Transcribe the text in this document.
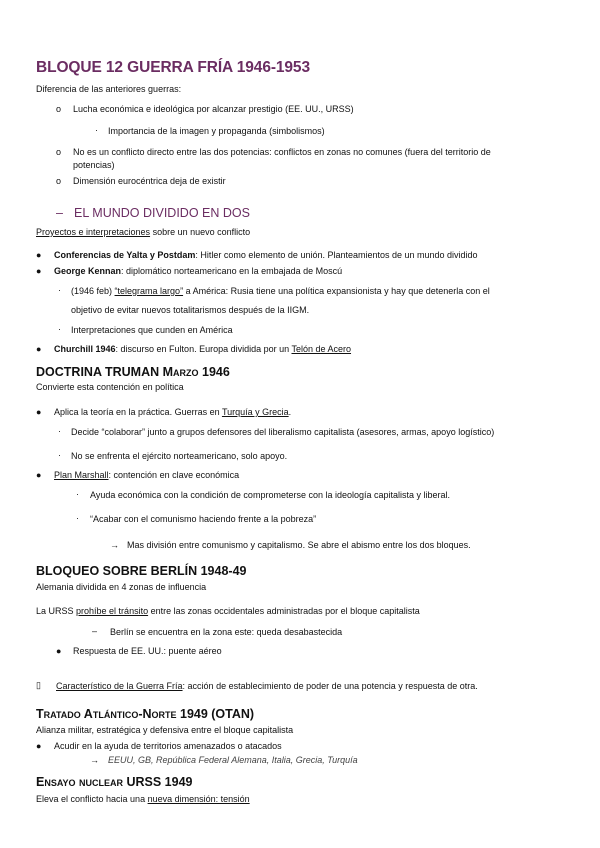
BLOQUE 12 GUERRA FRÍA 1946-1953
Diferencia de las anteriores guerras:
o Lucha económica e ideológica por alcanzar prestigio (EE. UU., URSS)
· Importancia de la imagen y propaganda (simbolismos)
o No es un conflicto directo entre las dos potencias: conflictos en zonas no comunes (fuera del territorio de
potencias)
o Dimensión eurocéntrica deja de existir
– EL MUNDO DIVIDIDO EN DOS
Proyectos e interpretaciones sobre un nuevo conflicto
● Conferencias de Yalta y Postdam: Hitler como elemento de unión. Planteamientos de un mundo dividido
● George Kennan: diplomático norteamericano en la embajada de Moscú
· (1946 feb) “telegrama largo” a América: Rusia tiene una política expansionista y hay que detenerla con el
objetivo de evitar nuevos totalitarismos después de la IIGM.
· Interpretaciones que cunden en América
● Churchill 1946: discurso en Fulton. Europa dividida por un Telón de Acero
DOCTRINA TRUMAN Marzo 1946
Convierte esta contención en política
● Aplica la teoría en la práctica. Guerras en Turquía y Grecia.
· Decide “colaborar” junto a grupos defensores del liberalismo capitalista (asesores, armas, apoyo logístico)
· No se enfrenta el ejército norteamericano, solo apoyo.
● Plan Marshall: contención en clave económica
· Ayuda económica con la condición de comprometerse con la ideología capitalista y liberal.
· “Acabar con el comunismo haciendo frente a la pobreza”
→ Mas división entre comunismo y capitalismo. Se abre el abismo entre los dos bloques.
BLOQUEO SOBRE BERLÍN 1948-49
Alemania dividida en 4 zonas de influencia
La URSS prohíbe el tránsito entre las zonas occidentales administradas por el bloque capitalista
– Berlín se encuentra en la zona este: queda desabastecida
● Respuesta de EE. UU.: puente aéreo
▯ Característico de la Guerra Fría: acción de establecimiento de poder de una potencia y respuesta de otra.
Tratado Atlántico-Norte 1949 (OTAN)
Alianza militar, estratégica y defensiva entre el bloque capitalista
● Acudir en la ayuda de territorios amenazados o atacados
→ EEUU, GB, República Federal Alemana, Italia, Grecia, Turquía
Ensayo nuclear URSS 1949
Eleva el conflicto hacia una nueva dimensión: tensión
